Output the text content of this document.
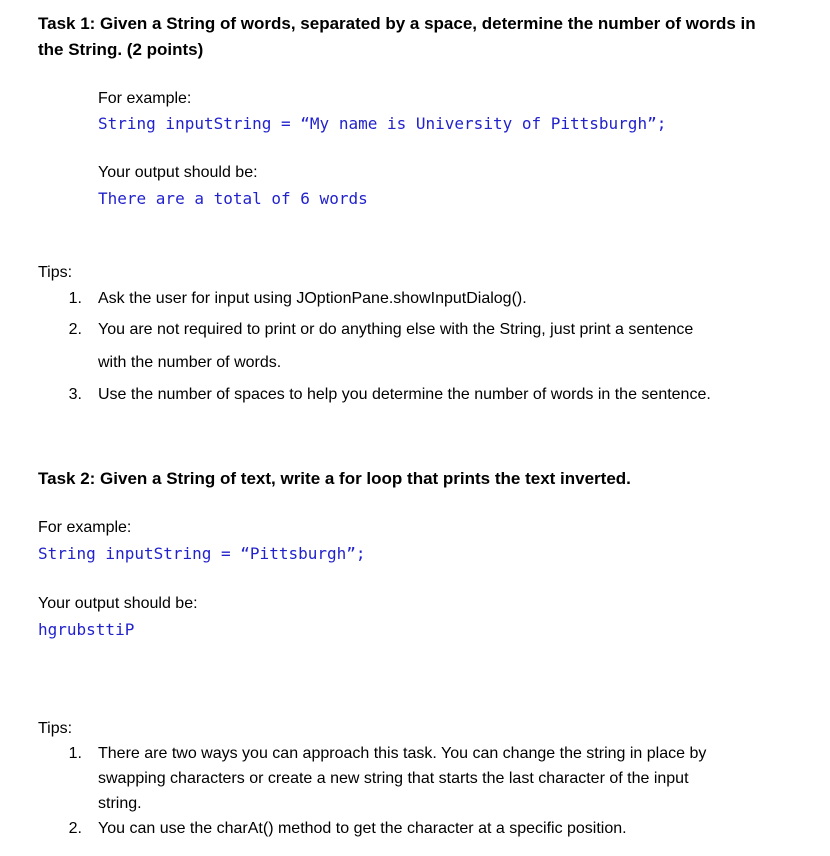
Task 1: Given a String of words, separated by a space, determine the number of words in
the String. (2 points)
For example:
String inputString = “My name is University of Pittsburgh”;
Your output should be:
There are a total of 6 words
Tips:
1. Ask the user for input using JOptionPane.showInputDialog().
2. You are not required to print or do anything else with the String, just print a sentence
with the number of words.
3. Use the number of spaces to help you determine the number of words in the sentence.
Task 2: Given a String of text, write a for loop that prints the text inverted.
For example:
String inputString = “Pittsburgh”;
Your output should be:
hgrubsttiP
Tips:
1. There are two ways you can approach this task. You can change the string in place by
swapping characters or create a new string that starts the last character of the input
string.
2. You can use the charAt() method to get the character at a specific position.
